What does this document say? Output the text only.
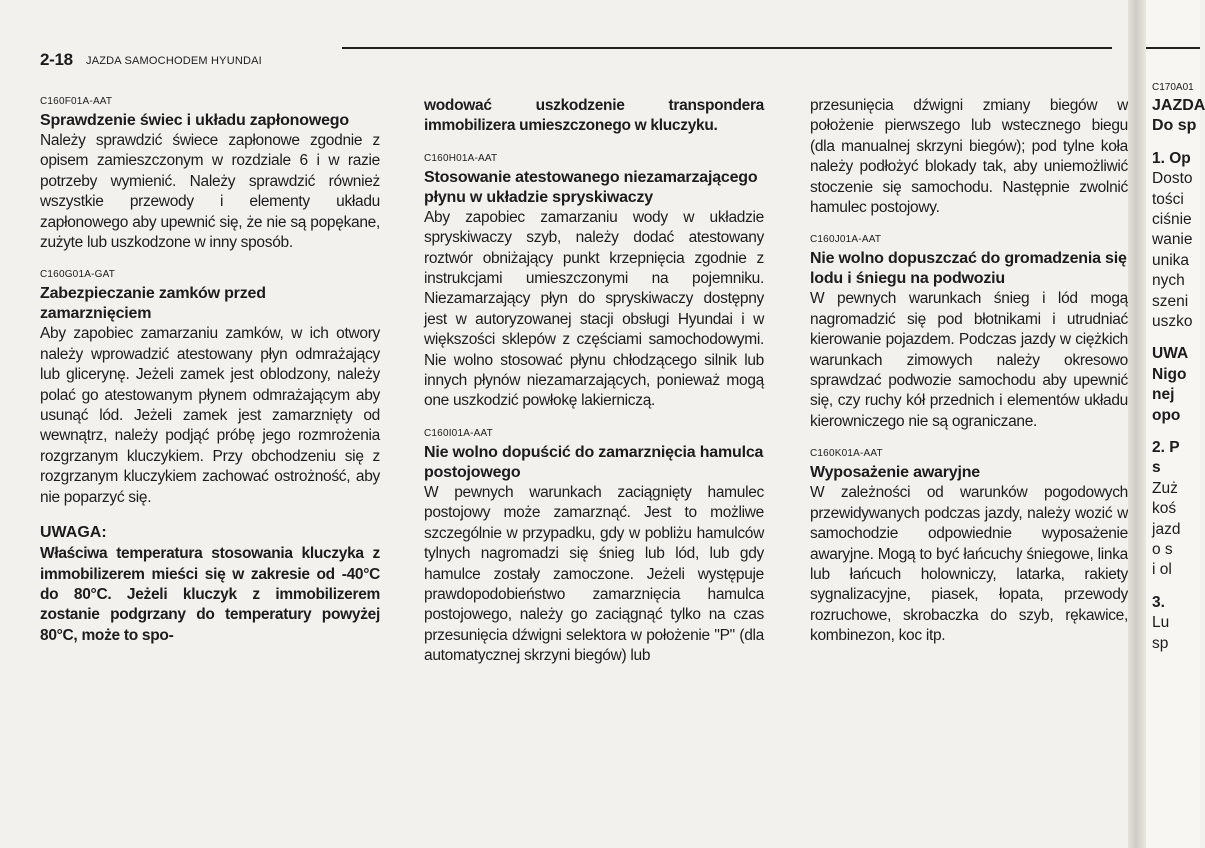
2-18 JAZDA SAMOCHODEM HYUNDAI

C160F01A-AAT

Sprawdzenie świec i układu zapłonowego

Należy sprawdzić świece zapłonowe zgodnie z opisem zamieszczonym w rozdziale 6 i w razie potrzeby wymienić. Należy sprawdzić również wszystkie przewody i elementy układu zapłonowego aby upewnić się, że nie są popękane, zużyte lub uszkodzone w inny sposób.

C160G01A-GAT

Zabezpieczanie zamków przed zamarznięciem

Aby zapobiec zamarzaniu zamków, w ich otwory należy wprowadzić atestowany płyn odmrażający lub glicerynę. Jeżeli zamek jest oblodzony, należy polać go atestowanym płynem odmrażającym aby usunąć lód. Jeżeli zamek jest zamarznięty od wewnątrz, należy podjąć próbę jego rozmrożenia rozgrzanym kluczykiem. Przy obchodzeniu się z rozgrzanym kluczykiem zachować ostrożność, aby nie poparzyć się.

UWAGA:

Właściwa temperatura stosowania kluczyka z immobilizerem mieści się w zakresie od -40°C do 80°C. Jeżeli kluczyk z immobilizerem zostanie podgrzany do temperatury powyżej 80°C, może to spo-

wodować uszkodzenie transpondera immobilizera umieszczonego w kluczyku.

C160H01A-AAT

Stosowanie atestowanego niezamarzającego płynu w układzie spryskiwaczy

Aby zapobiec zamarzaniu wody w układzie spryskiwaczy szyb, należy dodać atestowany roztwór obniżający punkt krzepnięcia zgodnie z instrukcjami umieszczonymi na pojemniku. Niezamarzający płyn do spryskiwaczy dostępny jest w autoryzowanej stacji obsługi Hyundai i w większości sklepów z częściami samochodowymi. Nie wolno stosować płynu chłodzącego silnik lub innych płynów niezamarzających, ponieważ mogą one uszkodzić powłokę lakierniczą.

C160I01A-AAT

Nie wolno dopuścić do zamarznięcia hamulca postojowego

W pewnych warunkach zaciągnięty hamulec postojowy może zamarznąć. Jest to możliwe szczególnie w przypadku, gdy w pobliżu hamulców tylnych nagromadzi się śnieg lub lód, lub gdy hamulce zostały zamoczone. Jeżeli występuje prawdopodobieństwo zamarznięcia hamulca postojowego, należy go zaciągnąć tylko na czas przesunięcia dźwigni selektora w położenie "P" (dla automatycznej skrzyni biegów) lub

przesunięcia dźwigni zmiany biegów w położenie pierwszego lub wstecznego biegu (dla manualnej skrzyni biegów); pod tylne koła należy podłożyć blokady tak, aby uniemożliwić stoczenie się samochodu. Następnie zwolnić hamulec postojowy.

C160J01A-AAT

Nie wolno dopuszczać do gromadzenia się lodu i śniegu na podwoziu

W pewnych warunkach śnieg i lód mogą nagromadzić się pod błotnikami i utrudniać kierowanie pojazdem. Podczas jazdy w ciężkich warunkach zimowych należy okresowo sprawdzać podwozie samochodu aby upewnić się, czy ruchy kół przednich i elementów układu kierowniczego nie są ograniczane.

C160K01A-AAT

Wyposażenie awaryjne

W zależności od warunków pogodowych przewidywanych podczas jazdy, należy wozić w samochodzie odpowiednie wyposażenie awaryjne. Mogą to być łańcuchy śniegowe, linka lub łańcuch holowniczy, latarka, rakiety sygnalizacyjne, piasek, łopata, przewody rozruchowe, skrobaczka do szyb, rękawice, kombinezon, koc itp.

C170A01
JAZDA
Do sp
1. Op
Dosto
tości
ciśnie
wanie
unika
nych
szeni
uszko
UWA
Nigo
nej
opo
2. P
s
Zuż
koś
jazd
o s
i ol
3.
Lu
sp
